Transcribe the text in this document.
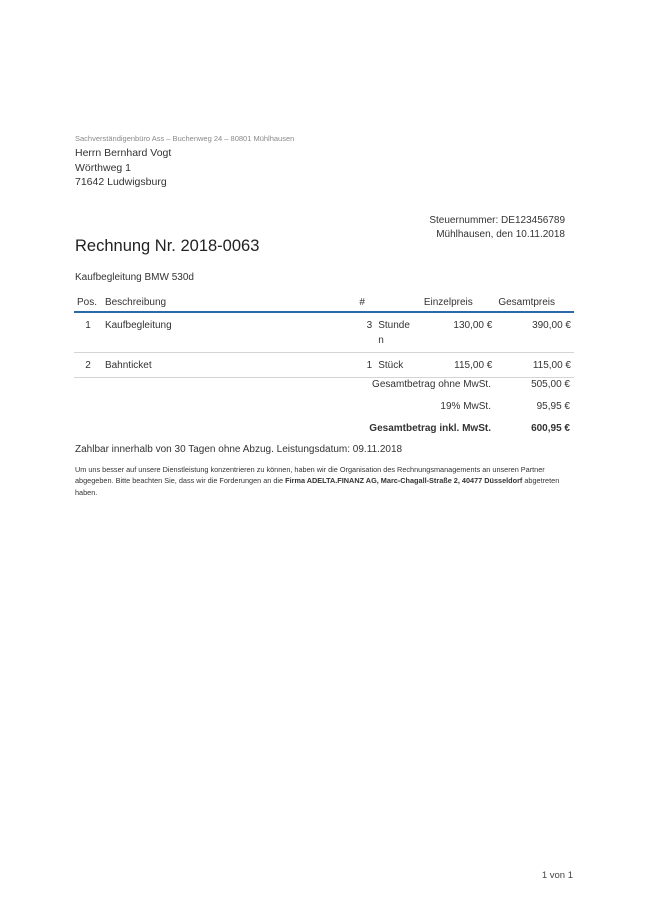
Sachverständigenbüro Ass – Buchenweg 24 – 80801 Mühlhausen
Herrn Bernhard Vogt
Wörthweg 1
71642 Ludwigsburg
Steuernummer: DE123456789
Mühlhausen, den 10.11.2018
Rechnung Nr. 2018-0063
Kaufbegleitung BMW 530d
Pos.	Beschreibung	#		Einzelpreis	Gesamtpreis
1	Kaufbegleitung	3	Stunde n	130,00 €	390,00 €
2	Bahnticket	1	Stück	115,00 €	115,00 €
Gesamtbetrag ohne MwSt.	505,00 €
19% MwSt.	95,95 €
Gesamtbetrag inkl. MwSt.	600,95 €
Zahlbar innerhalb von 30 Tagen ohne Abzug. Leistungsdatum: 09.11.2018
Um uns besser auf unsere Dienstleistung konzentrieren zu können, haben wir die Organisation des Rechnungsmanagements an unseren Partner abgegeben. Bitte beachten Sie, dass wir die Forderungen an die Firma ADELTA.FINANZ AG, Marc-Chagall-Straße 2, 40477 Düsseldorf abgetreten haben.
1 von 1
